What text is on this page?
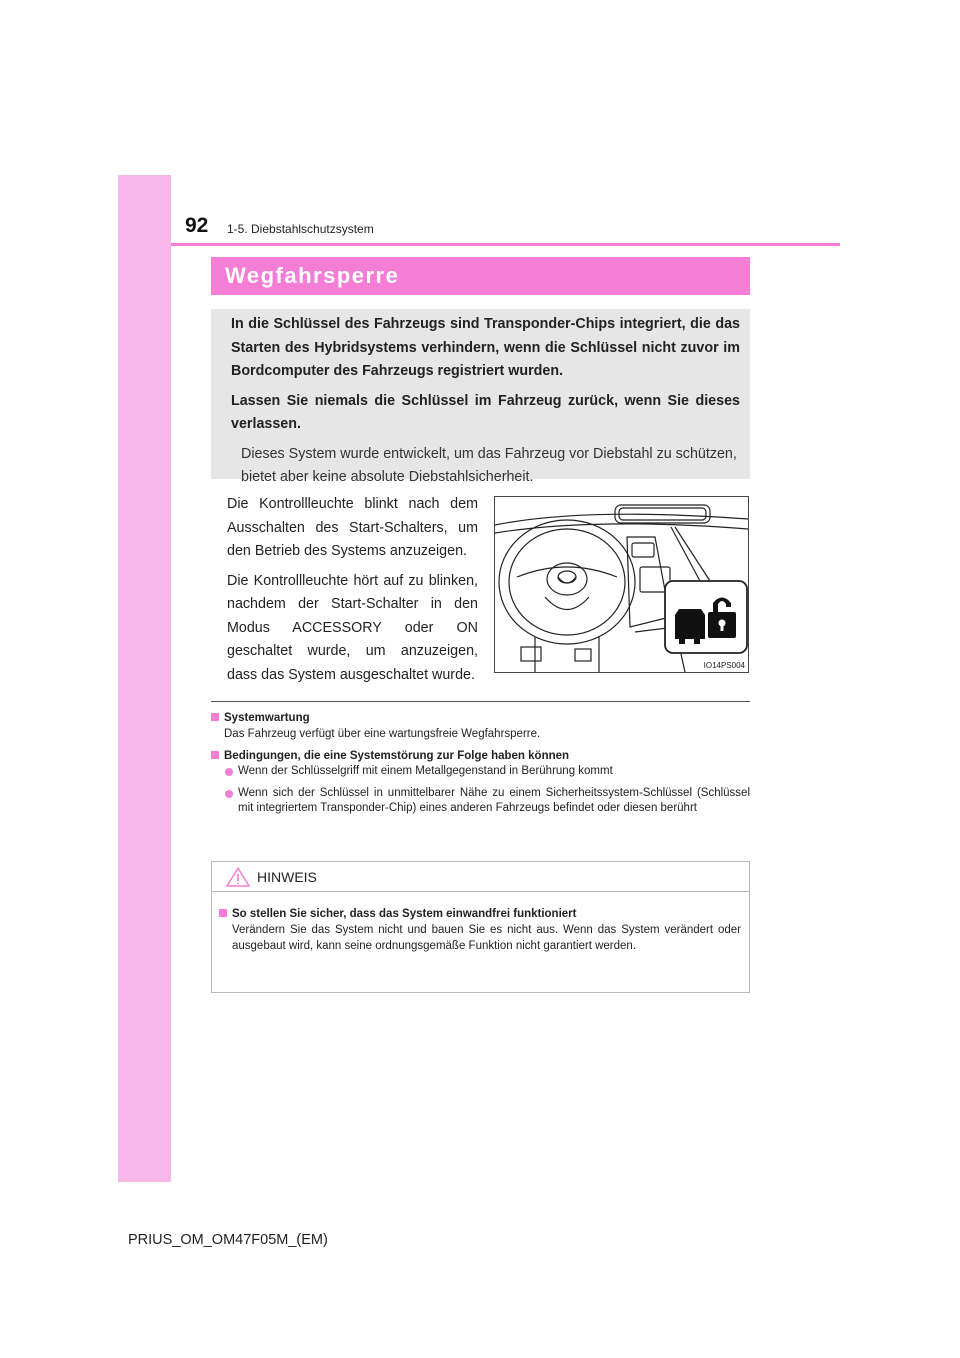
92 1-5. Diebstahlschutzsystem
Wegfahrsperre

In die Schlüssel des Fahrzeugs sind Transponder-Chips integriert, die das Starten des Hybridsystems verhindern, wenn die Schlüssel nicht zuvor im Bordcomputer des Fahrzeugs registriert wurden.

Lassen Sie niemals die Schlüssel im Fahrzeug zurück, wenn Sie dieses verlassen.

Dieses System wurde entwickelt, um das Fahrzeug vor Diebstahl zu schützen, bietet aber keine absolute Diebstahlsicherheit.

Die Kontrollleuchte blinkt nach dem Ausschalten des Start-Schalters, um den Betrieb des Systems anzuzeigen.

Die Kontrollleuchte hört auf zu blinken, nachdem der Start-Schalter in den Modus ACCESSORY oder ON geschaltet wurde, um anzuzeigen, dass das System ausgeschaltet wurde.

IO14PS004
Systemwartung
Das Fahrzeug verfügt über eine wartungsfreie Wegfahrsperre.
Bedingungen, die eine Systemstörung zur Folge haben können
Wenn der Schlüsselgriff mit einem Metallgegenstand in Berührung kommt
Wenn sich der Schlüssel in unmittelbarer Nähe zu einem Sicherheitssystem-Schlüssel (Schlüssel mit integriertem Transponder-Chip) eines anderen Fahrzeugs befindet oder diesen berührt
HINWEIS
So stellen Sie sicher, dass das System einwandfrei funktioniert
Verändern Sie das System nicht und bauen Sie es nicht aus. Wenn das System verändert oder ausgebaut wird, kann seine ordnungsgemäße Funktion nicht garantiert werden.
PRIUS_OM_OM47F05M_(EM)
